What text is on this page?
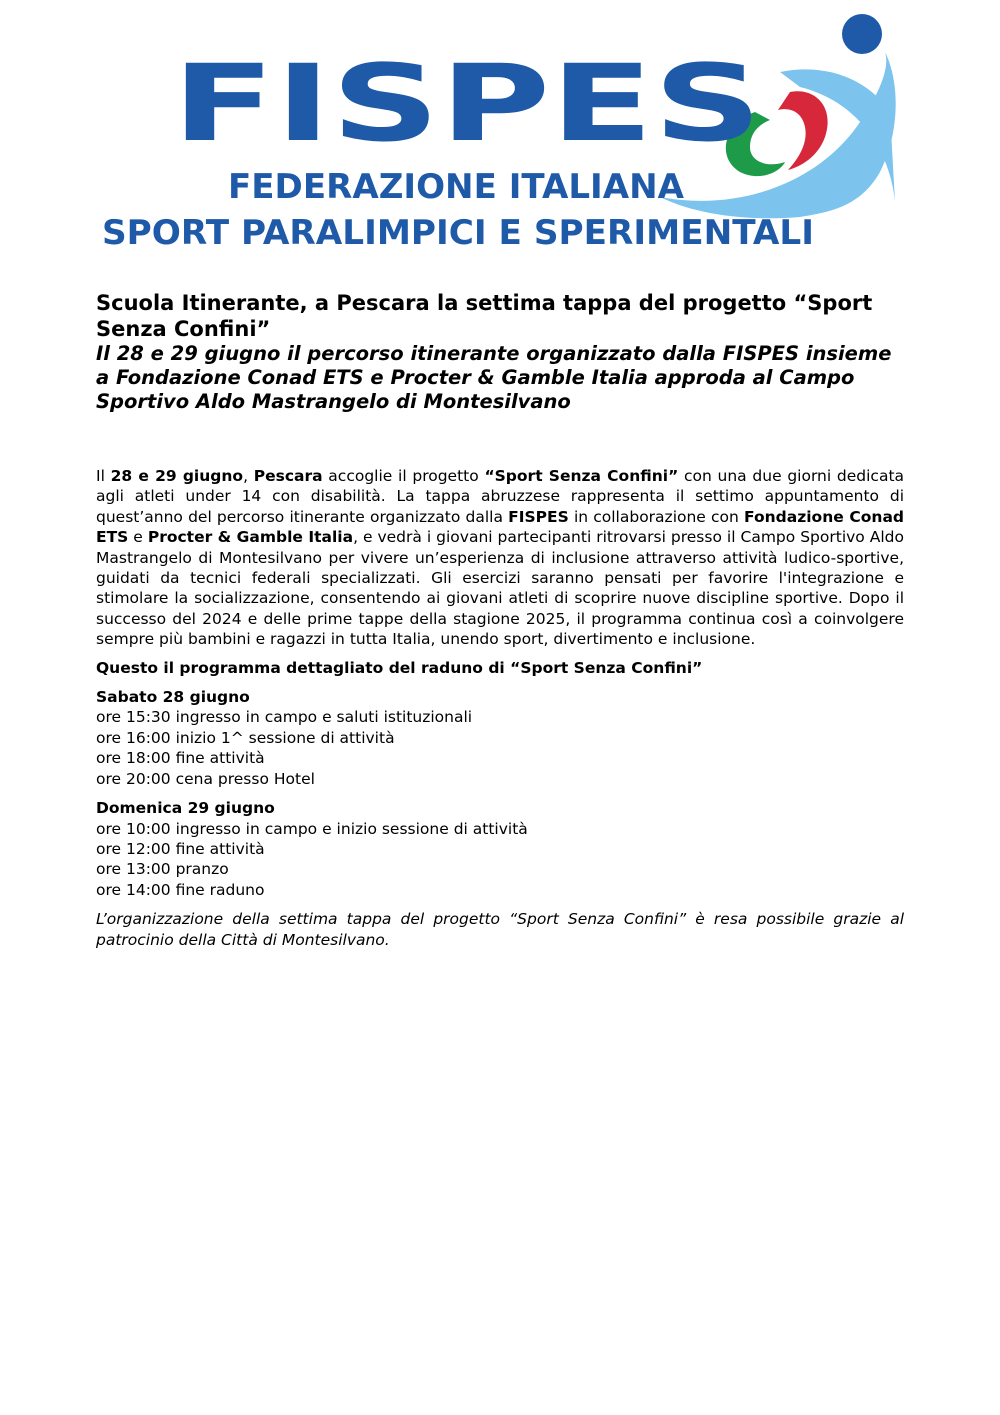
FISPES
FEDERAZIONE ITALIANA
SPORT PARALIMPICI E SPERIMENTALI
Scuola Itinerante, a Pescara la settima tappa del progetto “Sport Senza Confini”
Il 28 e 29 giugno il percorso itinerante organizzato dalla FISPES insieme a Fondazione Conad ETS e Procter & Gamble Italia approda al Campo Sportivo Aldo Mastrangelo di Montesilvano

Il 28 e 29 giugno, Pescara accoglie il progetto “Sport Senza Confini” con una due giorni dedicata agli atleti under 14 con disabilità. La tappa abruzzese rappresenta il settimo appuntamento di quest’anno del percorso itinerante organizzato dalla FISPES in collaborazione con Fondazione Conad ETS e Procter & Gamble Italia, e vedrà i giovani partecipanti ritrovarsi presso il Campo Sportivo Aldo Mastrangelo di Montesilvano per vivere un’esperienza di inclusione attraverso attività ludico-sportive, guidati da tecnici federali specializzati. Gli esercizi saranno pensati per favorire l'integrazione e stimolare la socializzazione, consentendo ai giovani atleti di scoprire nuove discipline sportive. Dopo il successo del 2024 e delle prime tappe della stagione 2025, il programma continua così a coinvolgere sempre più bambini e ragazzi in tutta Italia, unendo sport, divertimento e inclusione.

Questo il programma dettagliato del raduno di “Sport Senza Confini”

Sabato 28 giugno

ore 15:30 ingresso in campo e saluti istituzionali

ore 16:00 inizio 1^ sessione di attività

ore 18:00 fine attività

ore 20:00 cena presso Hotel

Domenica 29 giugno

ore 10:00 ingresso in campo e inizio sessione di attività

ore 12:00 fine attività

ore 13:00 pranzo

ore 14:00 fine raduno

L’organizzazione della settima tappa del progetto “Sport Senza Confini” è resa possibile grazie al patrocinio della Città di Montesilvano.
